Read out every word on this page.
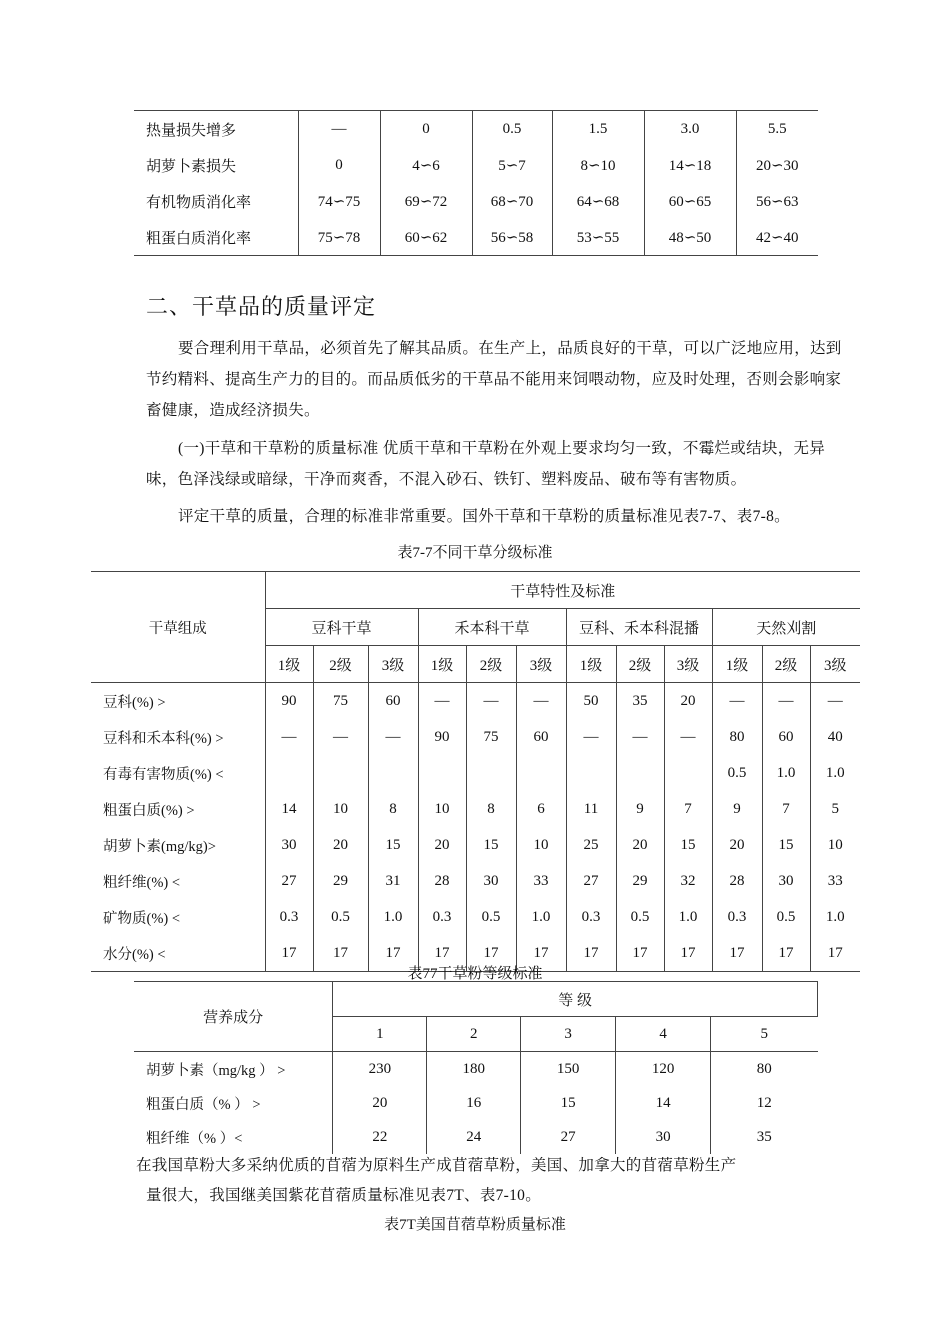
热量损失增多	—	0	0.5	1.5	3.0	5.5
胡萝卜素损失	0	4∽6	5∽7	8∽10	14∽18	20∽30
有机物质消化率	74∽75	69∽72	68∽70	64∽68	60∽65	56∽63
粗蛋白质消化率	75∽78	60∽62	56∽58	53∽55	48∽50	42∽40
二、干草品的质量评定
要合理利用干草品，必须首先了解其品质。在生产上，品质良好的干草，可以广泛地应用，达到节约精料、提高生产力的目的。而品质低劣的干草品不能用来饲喂动物，应及时处理，否则会影响家畜健康，造成经济损失。
(一)干草和干草粉的质量标准 优质干草和干草粉在外观上要求均匀一致，不霉烂或结块，无异味，色泽浅绿或暗绿，干净而爽香，不混入砂石、铁钉、塑料废品、破布等有害物质。
评定干草的质量，合理的标准非常重要。国外干草和干草粉的质量标准见表7-7、表7-8。
表7-7不同干草分级标准
干草组成	干草特性及标准											
	豆科干草			禾本科干草			豆科、禾本科混播			天然刈割		
	1级	2级	3级	1级	2级	3级	1级	2级	3级	1级	2级	3级
豆科(%) >	90	75	60	—	—	—	50	35	20	—	—	—
豆科和禾本科(%) >	—	—	—	90	75	60	—	—	—	80	60	40
有毒有害物质(%) <										0.5	1.0	1.0
粗蛋白质(%) >	14	10	8	10	8	6	11	9	7	9	7	5
胡萝卜素(mg/kg)>	30	20	15	20	15	10	25	20	15	20	15	10
粗纤维(%) <	27	29	31	28	30	33	27	29	32	28	30	33
矿物质(%) <	0.3	0.5	1.0	0.3	0.5	1.0	0.3	0.5	1.0	0.3	0.5	1.0
水分(%) <	17	17	17	17	17	17	17	17	17	17	17	17
表77干草粉等级标准
营养成分	等 级				
	1	2	3	4	5
胡萝卜素（mg/kg ） >	230	180	150	120	80
粗蛋白质（% ） >	20	16	15	14	12
粗纤维（% ）<	22	24	27	30	35
在我国草粉大多采纳优质的苜蓿为原料生产成苜蓿草粉，美国、加拿大的苜蓿草粉生产
量很大，我国继美国紫花苜蓿质量标准见表7T、表7-10。
表7T美国苜蓿草粉质量标准
